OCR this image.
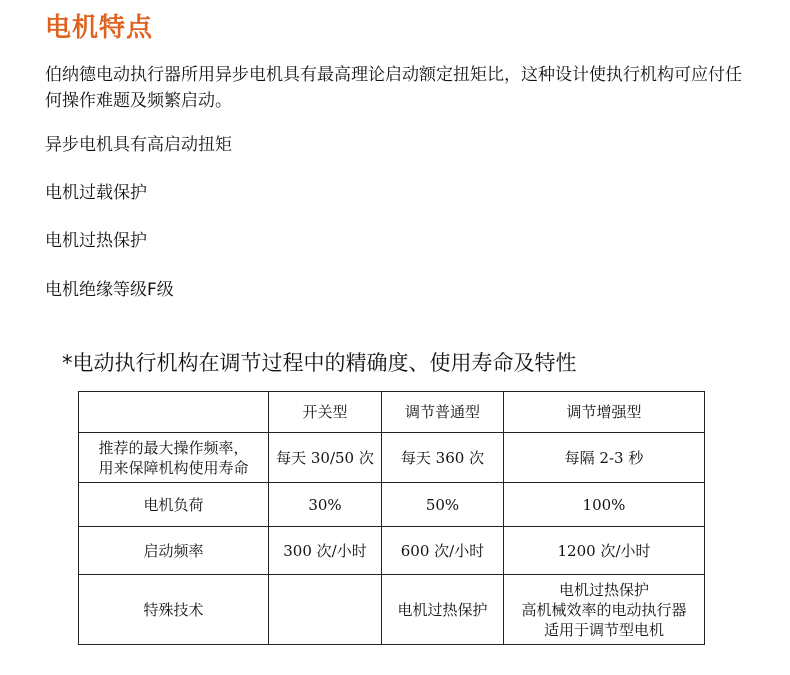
电机特点

伯纳德电动执行器所用异步电机具有最高理论启动额定扭矩比，这种设计使执行机构可应付任何操作难题及频繁启动。

异步电机具有高启动扭矩

电机过载保护

电机过热保护

电机绝缘等级F级

*电动执行机构在调节过程中的精确度、使用寿命及特性

	开关型	调节普通型	调节增强型

推荐的最大操作频率，
用来保障机构使用寿命	每天 30/50 次	每天 360 次	每隔 2-3 秒
电机负荷	30%	50%	100%
启动频率	300 次/小时	600 次/小时	1200 次/小时
特殊技术		电机过热保护	电机过热保护
高机械效率的电动执行器
适用于调节型电机
